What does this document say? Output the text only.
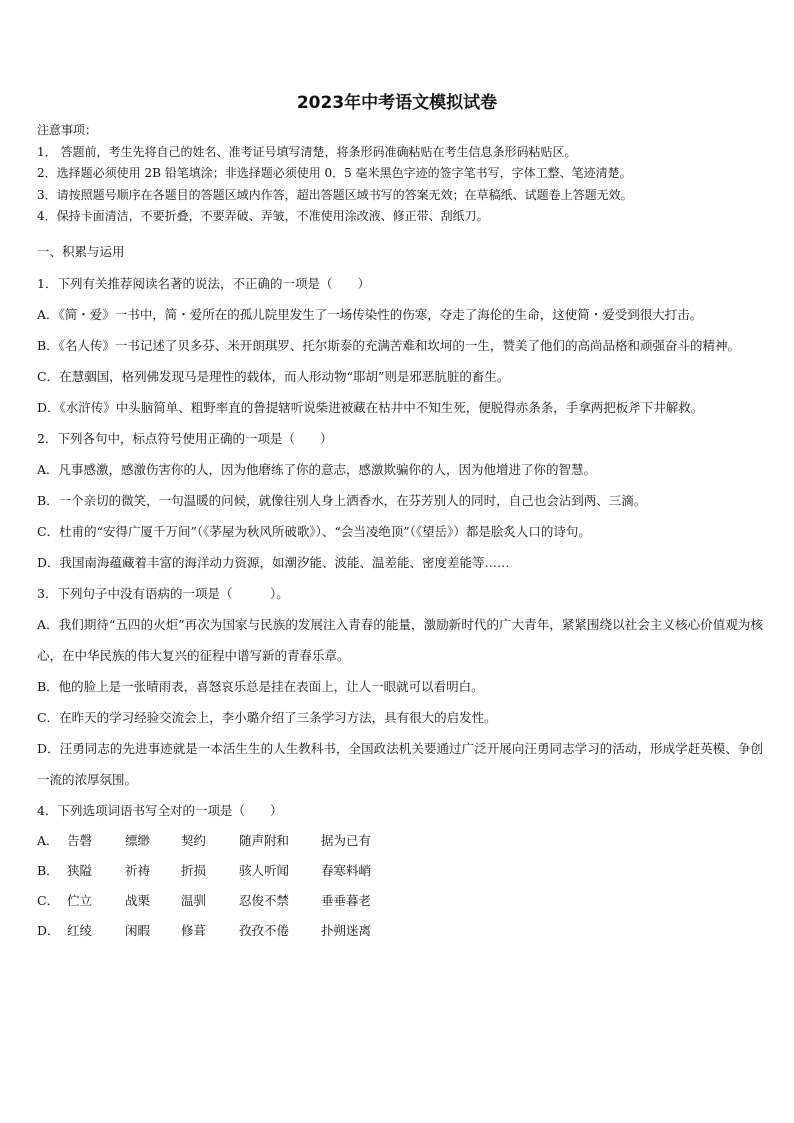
2023年中考语文模拟试卷
注意事项：
1． 答题前，考生先将自己的姓名、准考证号填写清楚，将条形码准确粘贴在考生信息条形码粘贴区。
2．选择题必须使用 2B 铅笔填涂；非选择题必须使用 0．5 毫米黑色字迹的签字笔书写，字体工整、笔迹清楚。
3．请按照题号顺序在各题目的答题区域内作答，超出答题区域书写的答案无效；在草稿纸、试题卷上答题无效。
4．保持卡面清洁，不要折叠，不要弄破、弄皱，不准使用涂改液、修正带、刮纸刀。
一、积累与运用
1．下列有关推荐阅读名著的说法，不正确的一项是（　　）
A．《简・爱》一书中，简・爱所在的孤儿院里发生了一场传染性的伤寒，夺走了海伦的生命，这使简・爱受到很大打击。
B．《名人传》一书记述了贝多芬、米开朗琪罗、托尔斯泰的充满苦难和坎坷的一生，赞美了他们的高尚品格和顽强奋斗的精神。
C．在慧骃国，格列佛发现马是理性的载体，而人形动物“耶胡”则是邪恶肮脏的畜生。
D．《水浒传》中头脑简单、粗野率直的鲁提辖听说柴进被藏在枯井中不知生死，便脱得赤条条，手拿两把板斧下井解救。
2．下列各句中，标点符号使用正确的一项是（　　）
A．凡事感激，感激伤害你的人，因为他磨练了你的意志，感激欺骗你的人，因为他增进了你的智慧。
B．一个亲切的微笑，一句温暖的问候，就像往别人身上洒香水，在芬芳别人的同时，自己也会沾到两、三滴。
C．杜甫的“安得广厦千万间”（《茅屋为秋风所破歌》）、“会当凌绝顶”（《望岳》）都是脍炙人口的诗句。
D．我国南海蕴藏着丰富的海洋动力资源，如潮汐能、波能、温差能、密度差能等……
3．下列句子中没有语病的一项是（　　　）。
A．我们期待“五四的火炬”再次为国家与民族的发展注入青春的能量，激励新时代的广大青年，紧紧围绕以社会主义核心价值观为核心，在中华民族的伟大复兴的征程中谱写新的青春乐章。
B．他的脸上是一张晴雨表，喜怒哀乐总是挂在表面上，让人一眼就可以看明白。
C．在昨天的学习经验交流会上，李小璐介绍了三条学习方法，具有很大的启发性。
D．汪勇同志的先进事迹就是一本活生生的人生教科书，全国政法机关要通过广泛开展向汪勇同志学习的活动，形成学赶英模、争创一流的浓厚氛围。
4．下列选项词语书写全对的一项是（　　）
A． 告磬	缥缈 契约	随声附和	据为已有
B． 狭隘	祈祷 折损	骇人听闻	春寒料峭
C． 伫立	战栗 温驯	忍俊不禁	垂垂暮老
D． 红绫	闲暇 修葺	孜孜不倦	扑朔迷离
